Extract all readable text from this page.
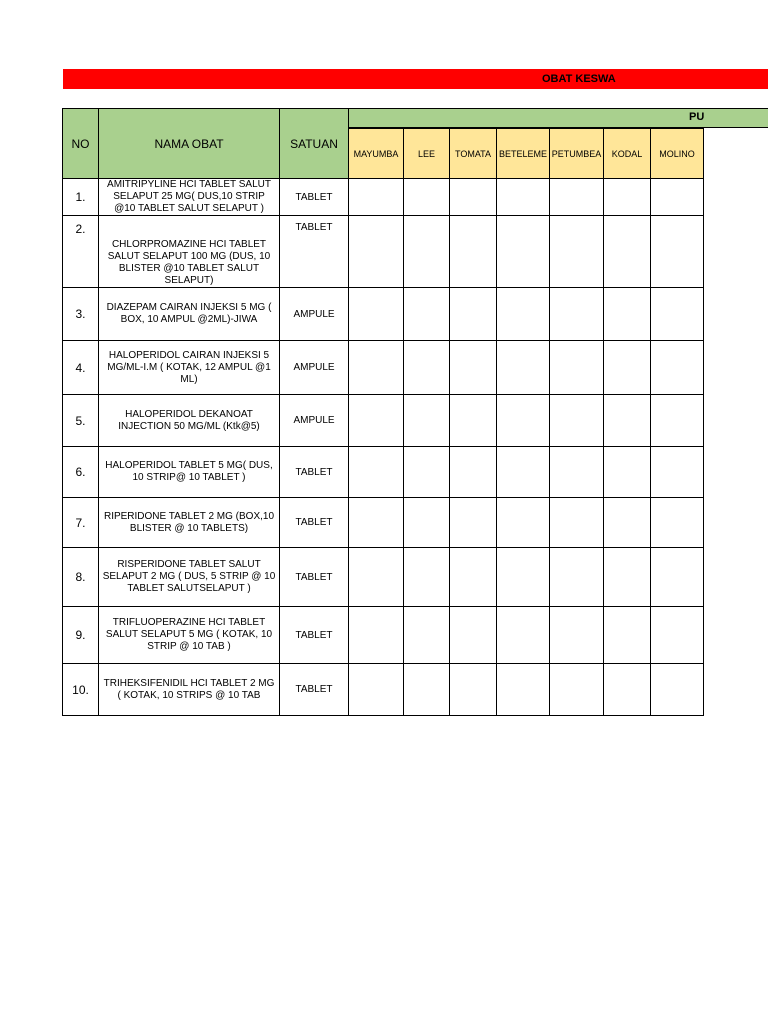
OBAT KESWA
NO	NAMA OBAT	SATUAN							
			MAYUMBA	LEE	TOMATA	BETELEME	PETUMBEA	KODAL	MOLINO
1.	AMITRIPYLINE HCI TABLET SALUT SELAPUT 25 MG( DUS,10 STRIP @10 TABLET SALUT SELAPUT )	TABLET							
2.	CHLORPROMAZINE HCI TABLET SALUT SELAPUT 100 MG (DUS, 10 BLISTER @10 TABLET SALUT SELAPUT)	TABLET							
3.	DIAZEPAM CAIRAN INJEKSI 5 MG ( BOX, 10 AMPUL @2ML)-JIWA	AMPULE							
4.	HALOPERIDOL CAIRAN INJEKSI 5 MG/ML-I.M ( KOTAK, 12 AMPUL @1 ML)	AMPULE							
5.	HALOPERIDOL DEKANOAT INJECTION 50 MG/ML (Ktk@5)	AMPULE							
6.	HALOPERIDOL TABLET 5 MG( DUS, 10 STRIP@ 10 TABLET )	TABLET							
7.	RIPERIDONE TABLET 2 MG (BOX,10 BLISTER @ 10 TABLETS)	TABLET							
8.	RISPERIDONE TABLET SALUT SELAPUT 2 MG ( DUS, 5 STRIP @ 10 TABLET SALUTSELAPUT )	TABLET							
9.	TRIFLUOPERAZINE HCI TABLET SALUT SELAPUT 5 MG ( KOTAK, 10 STRIP @ 10 TAB )	TABLET							
10.	TRIHEKSIFENIDIL HCI TABLET 2 MG ( KOTAK, 10 STRIPS @ 10 TAB	TABLET							
PU
